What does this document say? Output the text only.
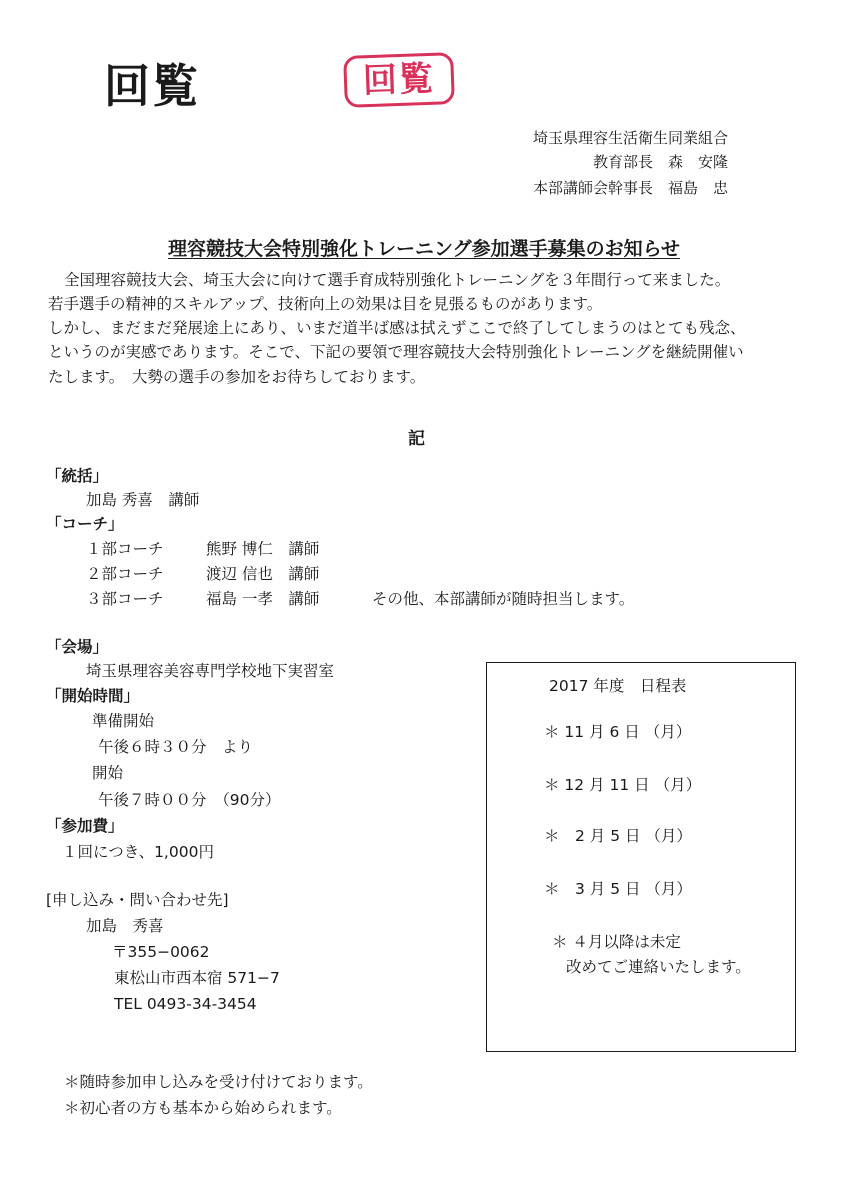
回覧	回覧
埼玉県理容生活衛生同業組合
教育部長　森　安隆
本部講師会幹事長　福島　忠
理容競技大会特別強化トレーニング参加選手募集のお知らせ
全国理容競技大会、埼玉大会に向けて選手育成特別強化トレーニングを３年間行って来ました。
若手選手の精神的スキルアップ、技術向上の効果は目を見張るものがあります。
しかし、まだまだ発展途上にあり、いまだ道半ば感は拭えずここで終了してしまうのはとても残念、
というのが実感であります。そこで、下記の要領で理容競技大会特別強化トレーニングを継続開催い
たします。　大勢の選手の参加をお待ちしております。
記
「統括」
加島 秀喜　講師
「コーチ」
１部コーチ	熊野 博仁　講師
２部コーチ	渡辺 信也　講師
３部コーチ	福島 一孝　講師	その他、本部講師が随時担当します。
「会場」
埼玉県理容美容専門学校地下実習室
「開始時間」
準備開始
午後６時３０分　より
開始
午後７時００分　（90分）
「参加費」
１回につき、1,000円
[申し込み・問い合わせ先]
加島　秀喜
〒355−0062
東松山市西本宿 571−7
TEL 0493-34-3454
＊随時参加申し込みを受け付けております。
＊初心者の方も基本から始められます。
2017 年度　日程表
＊ 11 月 6 日 （月）
＊ 12 月 11 日 （月）
＊　2 月 5 日 （月）
＊　3 月 5 日 （月）
＊ ４月以降は未定
改めてご連絡いたします。
